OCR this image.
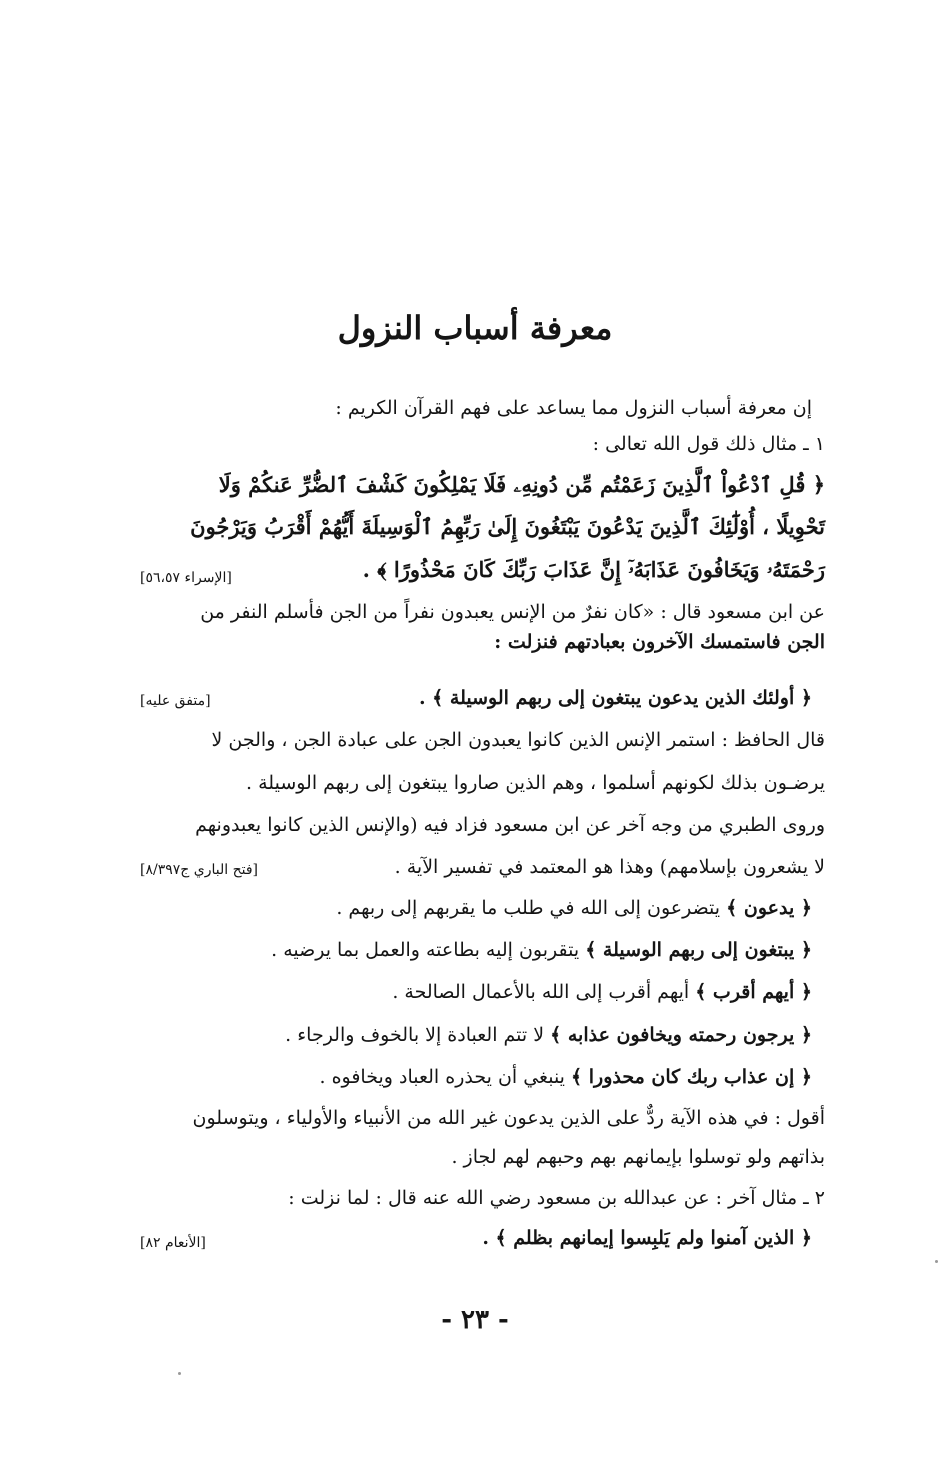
معرفة أسباب النزول
إن معرفة أسباب النزول مما يساعد على فهم القرآن الكريم :
١ ـ مثال ذلك قول الله تعالى :
﴿ قُلِ ٱدْعُواْ ٱلَّذِينَ زَعَمْتُم مِّن دُونِهِۦ فَلَا يَمْلِكُونَ كَشْفَ ٱلضُّرِّ عَنكُمْ وَلَا
تَحْوِيلًا ، أُوْلَٰٓئِكَ ٱلَّذِينَ يَدْعُونَ يَبْتَغُونَ إِلَىٰ رَبِّهِمُ ٱلْوَسِيلَةَ أَيُّهُمْ أَقْرَبُ وَيَرْجُونَ
رَحْمَتَهُۥ وَيَخَافُونَ عَذَابَهُۥٓ إِنَّ عَذَابَ رَبِّكَ كَانَ مَحْذُورًا ﴾ .
[الإسراء ٥٦،٥٧]
عن ابن مسعود قال : «كان نفرٌ من الإنس يعبدون نفراً من الجن فأسلم النفر من
الجن فاستمسك الآخرون بعبادتهم فنزلت :
﴿ أولئك الذين يدعون يبتغون إلى ربهم الوسيلة ﴾ .
[متفق عليه]
قال الحافظ : استمر الإنس الذين كانوا يعبدون الجن على عبادة الجن ، والجن لا
يرضـون بذلك لكونهم أسلموا ، وهم الذين صاروا يبتغون إلى ربهم الوسيلة .
وروى الطبري من وجه آخر عن ابن مسعود فزاد فيه (والإنس الذين كانوا يعبدونهم
لا يشعرون بإسلامهم) وهذا هو المعتمد في تفسير الآية .
[فتح الباري ج٨/٣٩٧]
﴿ يدعون ﴾ يتضرعون إلى الله في طلب ما يقربهم إلى ربهم .
﴿ يبتغون إلى ربهم الوسيلة ﴾ يتقربون إليه بطاعته والعمل بما يرضيه .
﴿ أيهم أقرب ﴾ أيهم أقرب إلى الله بالأعمال الصالحة .
﴿ يرجون رحمته ويخافون عذابه ﴾ لا تتم العبادة إلا بالخوف والرجاء .
﴿ إن عذاب ربك كان محذورا ﴾ ينبغي أن يحذره العباد ويخافوه .
أقول : في هذه الآية ردٌّ على الذين يدعون غير الله من الأنبياء والأولياء ، ويتوسلون
بذاتهم ولو توسلوا بإيمانهم بهم وحبهم لهم لجاز .
٢ ـ مثال آخر : عن عبدالله بن مسعود رضي الله عنه قال : لما نزلت :
﴿ الذين آمنوا ولم يَلبِسوا إيمانهم بظلم ﴾ .
[الأنعام ٨٢]
- ٢٣ -
